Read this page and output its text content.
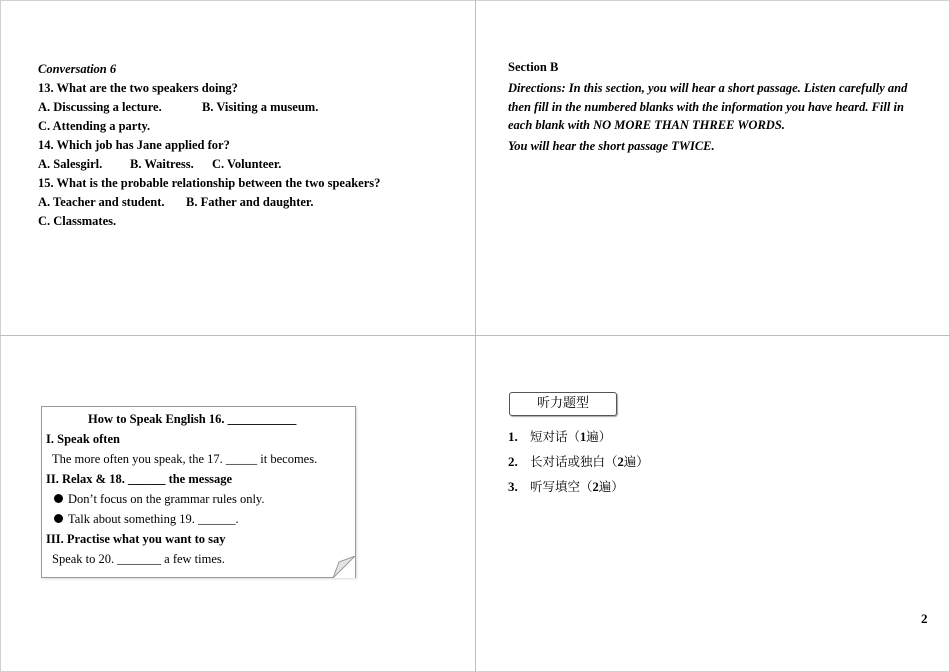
Conversation 6
13. What are the two speakers doing?
A. Discussing a lecture.	B. Visiting a museum.
C. Attending a party.
14. Which job has Jane applied for?
A. Salesgirl. B. Waitress. C. Volunteer.
15. What is the probable relationship between the two speakers?
A. Teacher and student. B. Father and daughter.
C. Classmates.
Section B
Directions: In this section, you will hear a short passage. Listen carefully and then fill in the numbered blanks with the information you have heard. Fill in each blank with NO MORE THAN THREE WORDS.
You will hear the short passage TWICE.
How to Speak English 16. ___________
I. Speak often
The more often you speak, the 17. _____ it becomes.
II. Relax & 18. ______ the message
Don’t focus on the grammar rules only.
Talk about something 19. ______.
III. Practise what you want to say
Speak to 20. _______ a few times.
听力题型
1. 短对话（1遍）
2. 长对话或独白（2遍）
3. 听写填空（2遍）
2
